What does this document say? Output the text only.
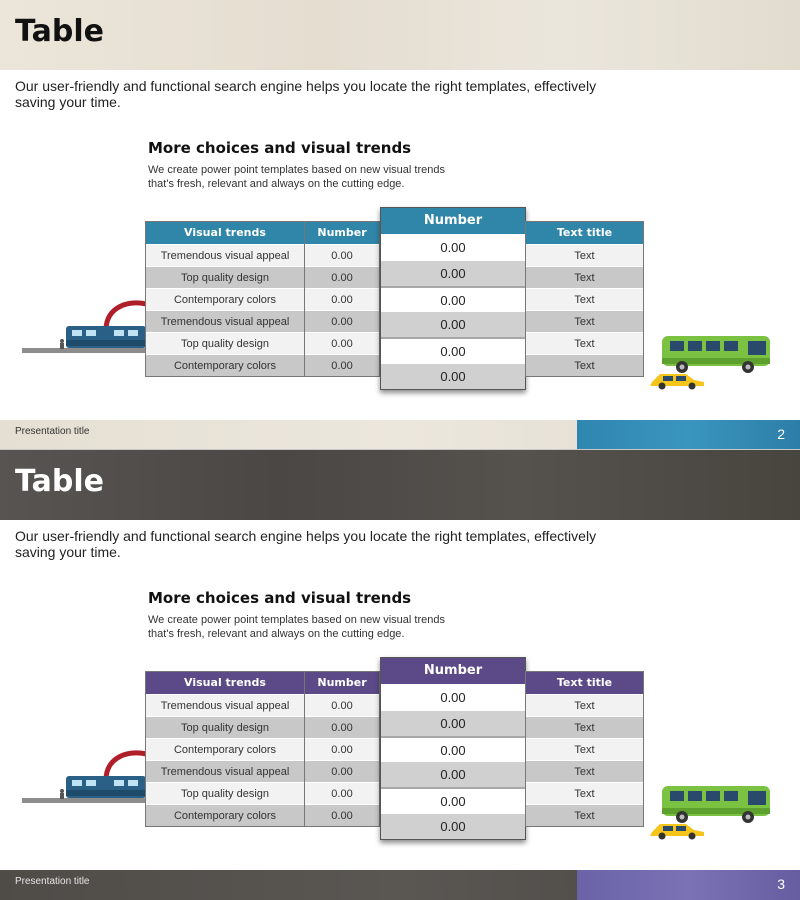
Table
Our user-friendly and functional search engine helps you locate the right templates, effectively saving your time.
More choices and visual trends
We create power point templates based on new visual trends that's fresh, relevant and always on the cutting edge.
Visual trends
Tremendous visual appeal
Top quality design
Contemporary colors
Tremendous visual appeal
Top quality design
Contemporary colors
Number
0.00
0.00
0.00
0.00
0.00
0.00
Number
0.00
0.00
0.00
0.00
0.00
0.00
Text title
Text
Text
Text
Text
Text
Text
Presentation title	2
Table
Our user-friendly and functional search engine helps you locate the right templates, effectively saving your time.
More choices and visual trends
We create power point templates based on new visual trends that's fresh, relevant and always on the cutting edge.
Visual trends
Tremendous visual appeal
Top quality design
Contemporary colors
Tremendous visual appeal
Top quality design
Contemporary colors
Number
0.00
0.00
0.00
0.00
0.00
0.00
Number
0.00
0.00
0.00
0.00
0.00
0.00
Text title
Text
Text
Text
Text
Text
Text
Presentation title	3
